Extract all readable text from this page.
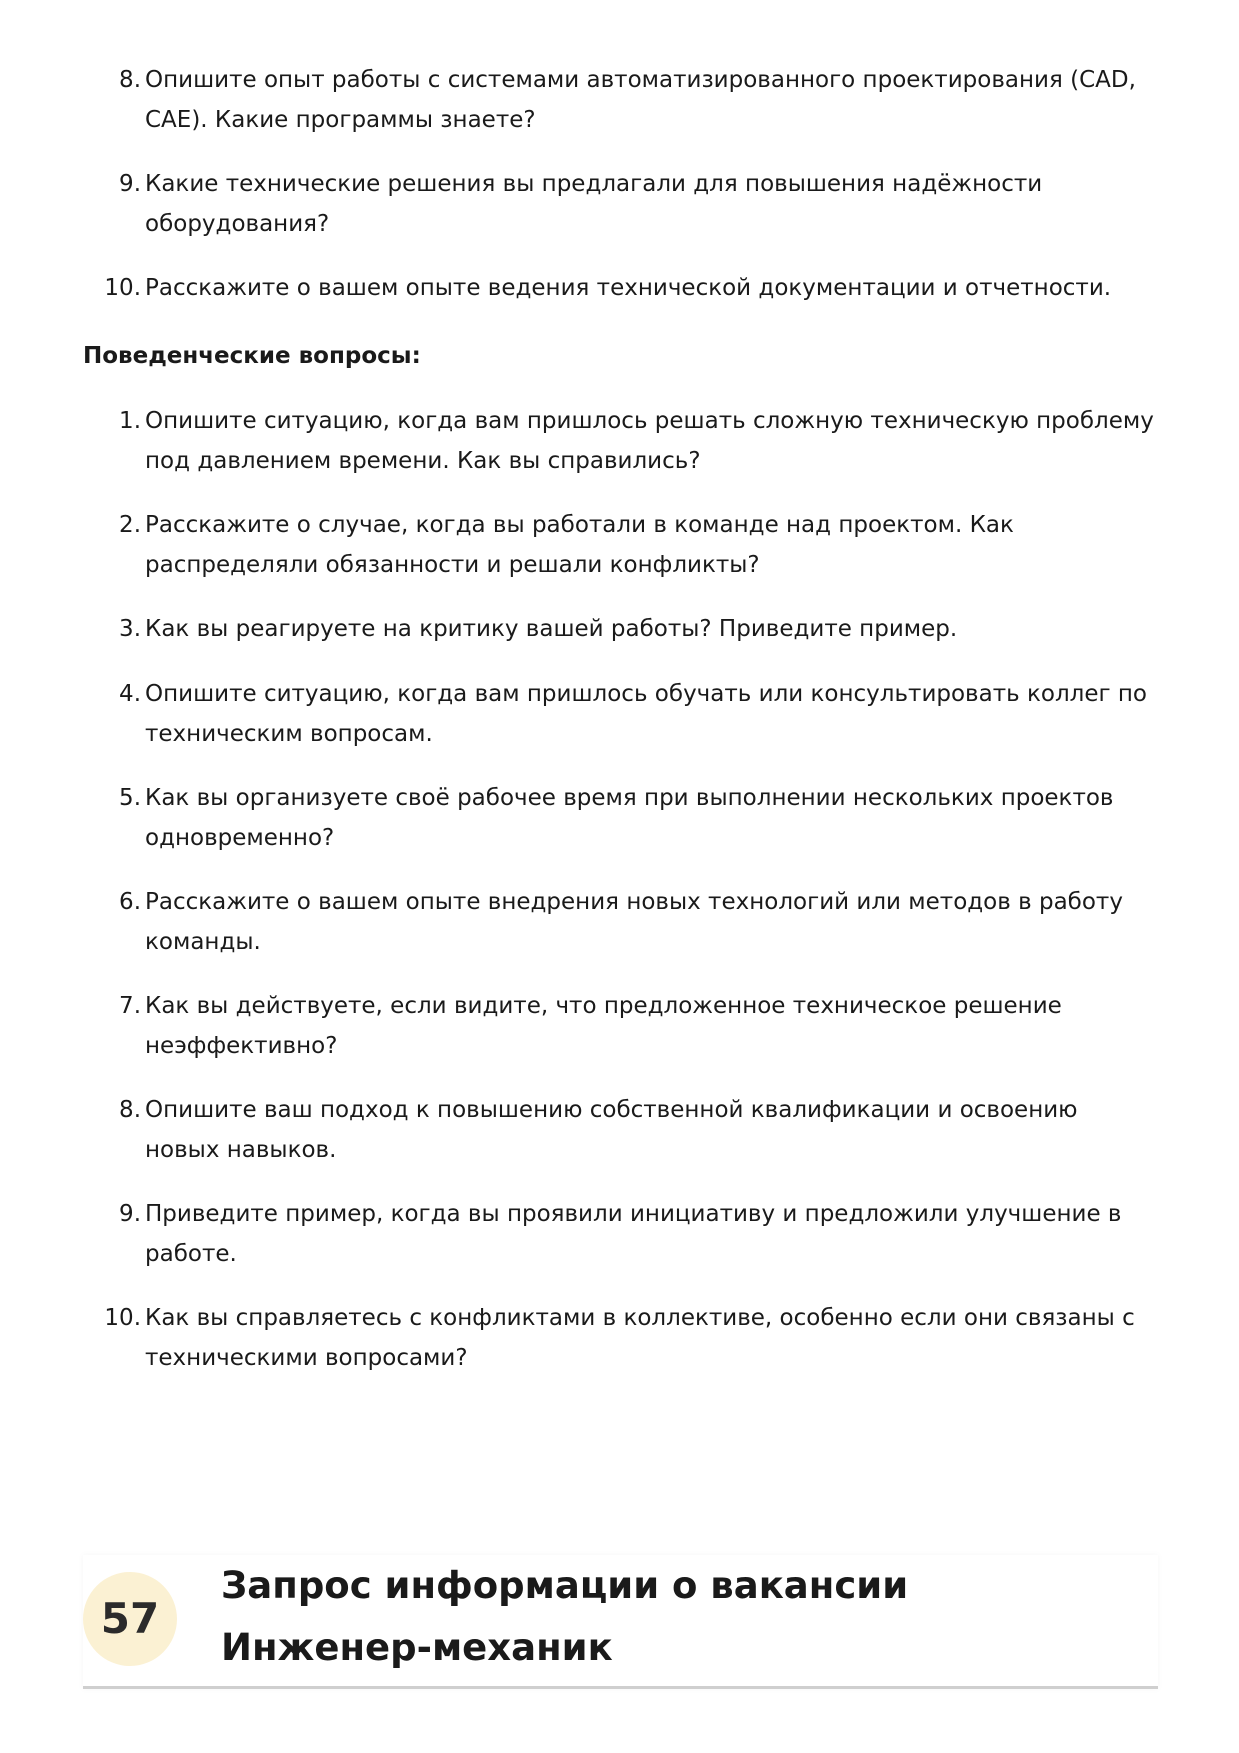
8 . Опишите опыт работы с системами автоматизированного проектирования (CAD, CAE). Какие программы знаете?
9 . Какие технические решения вы предлагали для повышения надёжности оборудования?
10 . Расскажите о вашем опыте ведения технической документации и отчетности.
Поведенческие вопросы:
1 . Опишите ситуацию, когда вам пришлось решать сложную техническую проблему под давлением времени. Как вы справились?
2 . Расскажите о случае, когда вы работали в команде над проектом. Как распределяли обязанности и решали конфликты?
3 . Как вы реагируете на критику вашей работы? Приведите пример.
4 . Опишите ситуацию, когда вам пришлось обучать или консультировать коллег по техническим вопросам.
5 . Как вы организуете своё рабочее время при выполнении нескольких проектов одновременно?
6 . Расскажите о вашем опыте внедрения новых технологий или методов в работу команды.
7 . Как вы действуете, если видите, что предложенное техническое решение неэффективно?
8 . Опишите ваш подход к повышению собственной квалификации и освоению новых навыков.
9 . Приведите пример, когда вы проявили инициативу и предложили улучшение в работе.
10 . Как вы справляетесь с конфликтами в коллективе, особенно если они связаны с техническими вопросами?
57
Запрос информации о вакансии Инженер-механик
